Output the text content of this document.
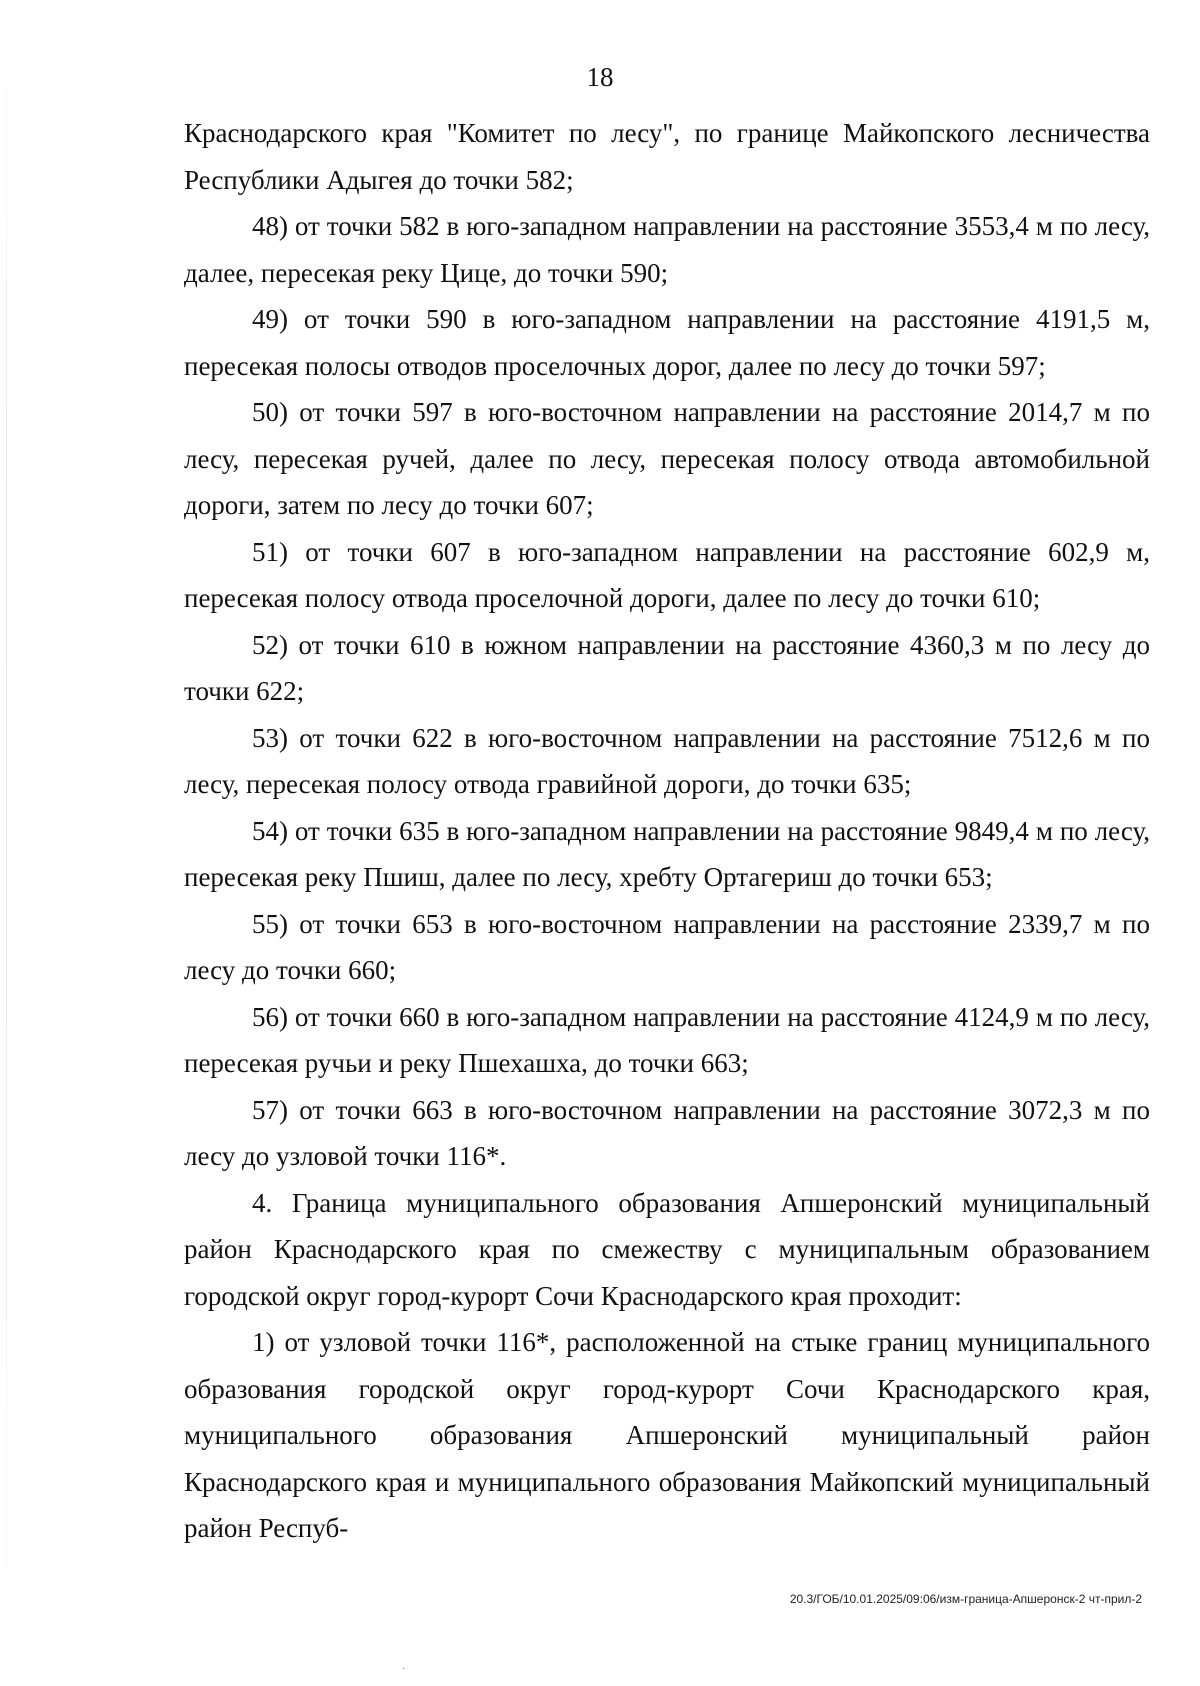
18

Краснодарского края "Комитет по лесу", по границе Майкопского лесничества Республики Адыгея до точки 582;

48) от точки 582 в юго-западном направлении на расстояние 3553,4 м по лесу, далее, пересекая реку Цице, до точки 590;

49) от точки 590 в юго-западном направлении на расстояние 4191,5 м, пересекая полосы отводов проселочных дорог, далее по лесу до точки 597;

50) от точки 597 в юго-восточном направлении на расстояние 2014,7 м по лесу, пересекая ручей, далее по лесу, пересекая полосу отвода автомобильной дороги, затем по лесу до точки 607;

51) от точки 607 в юго-западном направлении на расстояние 602,9 м, пересекая полосу отвода проселочной дороги, далее по лесу до точки 610;

52) от точки 610 в южном направлении на расстояние 4360,3 м по лесу до точки 622;

53) от точки 622 в юго-восточном направлении на расстояние 7512,6 м по лесу, пересекая полосу отвода гравийной дороги, до точки 635;

54) от точки 635 в юго-западном направлении на расстояние 9849,4 м по лесу, пересекая реку Пшиш, далее по лесу, хребту Ортагериш до точки 653;

55) от точки 653 в юго-восточном направлении на расстояние 2339,7 м по лесу до точки 660;

56) от точки 660 в юго-западном направлении на расстояние 4124,9 м по лесу, пересекая ручьи и реку Пшехашха, до точки 663;

57) от точки 663 в юго-восточном направлении на расстояние 3072,3 м по лесу до узловой точки 116*.

4. Граница муниципального образования Апшеронский муниципальный район Краснодарского края по смежеству с муниципальным образованием городской округ город-курорт Сочи Краснодарского края проходит:

1) от узловой точки 116*, расположенной на стыке границ муниципального образования городской округ город-курорт Сочи Краснодарского края, муниципального образования Апшеронский муниципальный район Краснодарского края и муниципального образования Майкопский муниципальный район Респуб-

20.3/ГОБ/10.01.2025/09:06/изм-граница-Апшеронск-2 чт-прил-2
·
